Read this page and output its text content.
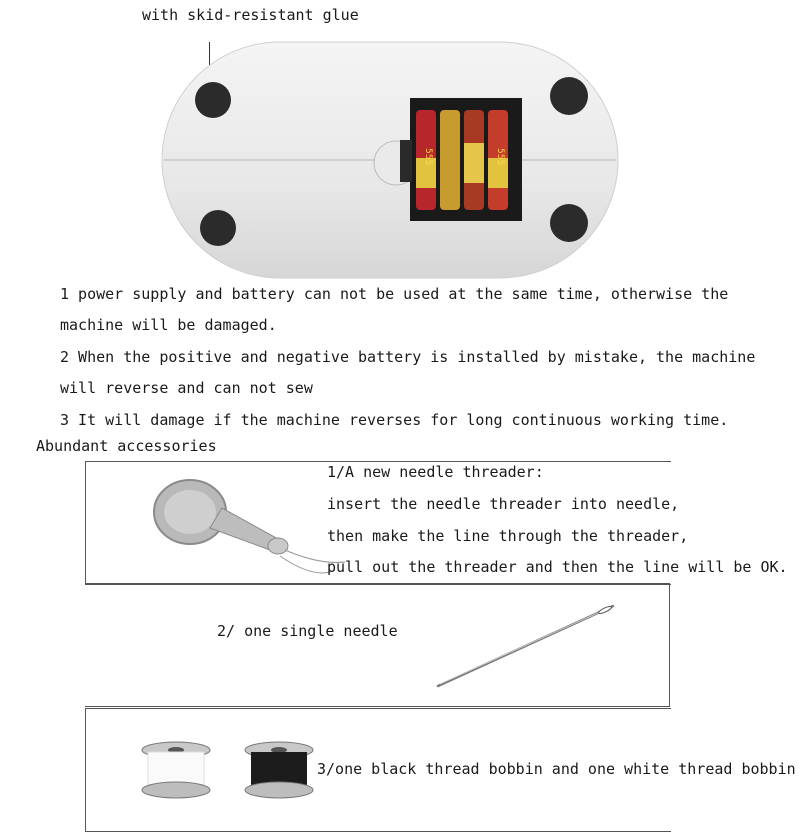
with skid-resistant glue
555	555
1 power supply and battery can not be used at the same time, otherwise the
machine will be damaged.
2 When the positive and negative battery is installed by mistake, the machine
will reverse and can not sew
3 It will damage if the machine reverses for long continuous working time.
Abundant accessories
1/A new needle threader:
insert the needle threader into needle,
then make the line through the threader,
pull out the threader and then the line will be OK.
2/ one single needle
3/one black thread bobbin and one white thread bobbin
